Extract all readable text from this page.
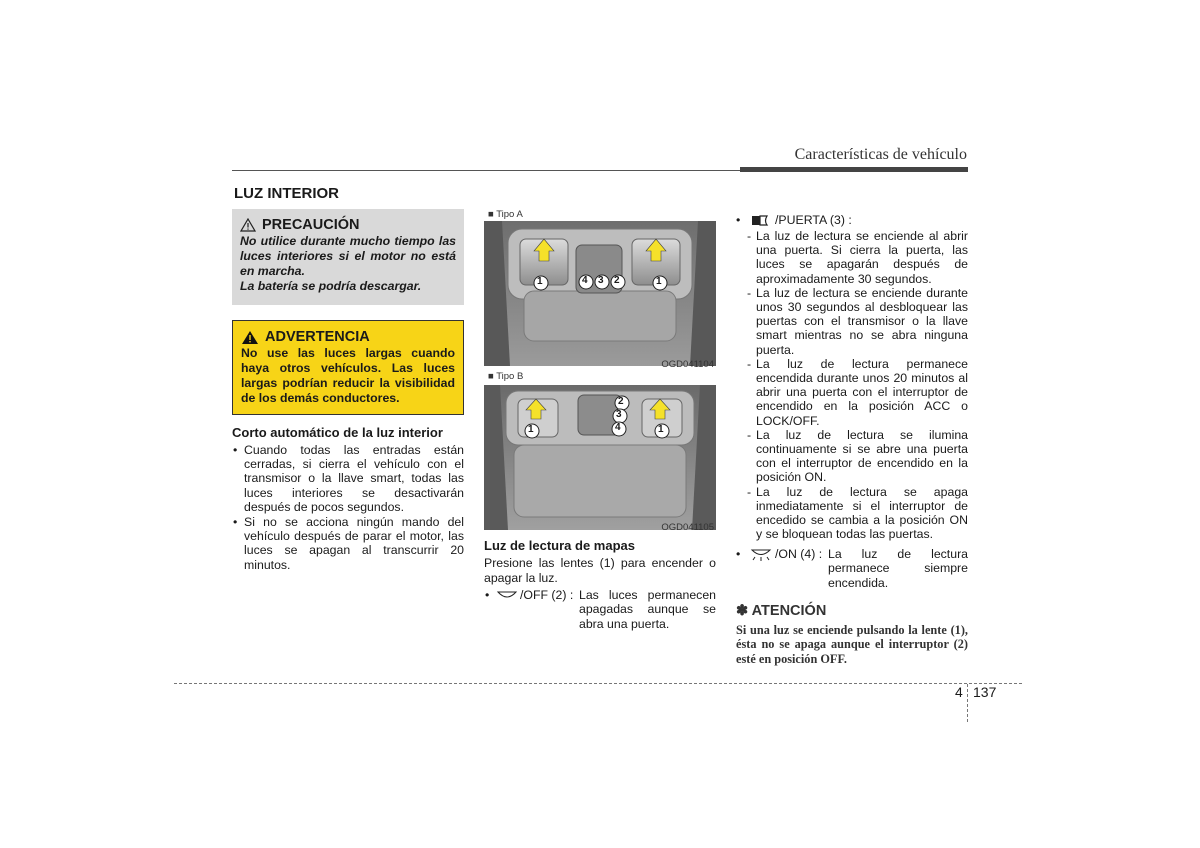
Características de vehículo
LUZ INTERIOR
PRECAUCIÓN

No utilice durante mucho tiempo las luces interiores si el motor no está en marcha.

La batería se podría descargar.

ADVERTENCIA
No use las luces largas cuando haya otros vehículos. Las luces largas podrían reducir la visibilidad de los demás conductores.
Corto automático de la luz interior
• Cuando todas las entradas están cerradas, si cierra el vehículo con el transmisor o la llave smart, todas las luces interiores se desactivarán después de pocos segundos.
• Si no se acciona ningún mando del vehículo después de parar el motor, las luces se apagan al transcurrir 20 minutos.
■ Tipo A
OGD041104
1	4 3 2	1
■ Tipo B
OGD041105
1
2
3
4	1
Luz de lectura de mapas
Presione las lentes (1) para encender o apagar la luz.
• /OFF (2) : Las luces permanecen apagadas aunque se abra una puerta.
•	/PUERTA (3) :
- La luz de lectura se enciende al abrir una puerta. Si cierra la puerta, las luces se apagarán después de aproximadamente 30 segundos.
- La luz de lectura se enciende durante unos 30 segundos al desbloquear las puertas con el transmisor o la llave smart mientras no se abra ninguna puerta.
- La luz de lectura permanece encendida durante unos 20 minutos al abrir una puerta con el interruptor de encendido en la posición ACC o LOCK/OFF.
- La luz de lectura se ilumina continuamente si se abre una puerta con el interruptor de encendido en la posición ON.
- La luz de lectura se apaga inmediatamente si el interruptor de encedido se cambia a la posición ON y se bloquean todas las puertas.
•	/ON (4) : La luz de lectura permanece siempre encendida.
✽ ATENCIÓN
Si una luz se enciende pulsando la lente (1), ésta no se apaga aunque el interruptor (2) esté en posición OFF.
4 137
